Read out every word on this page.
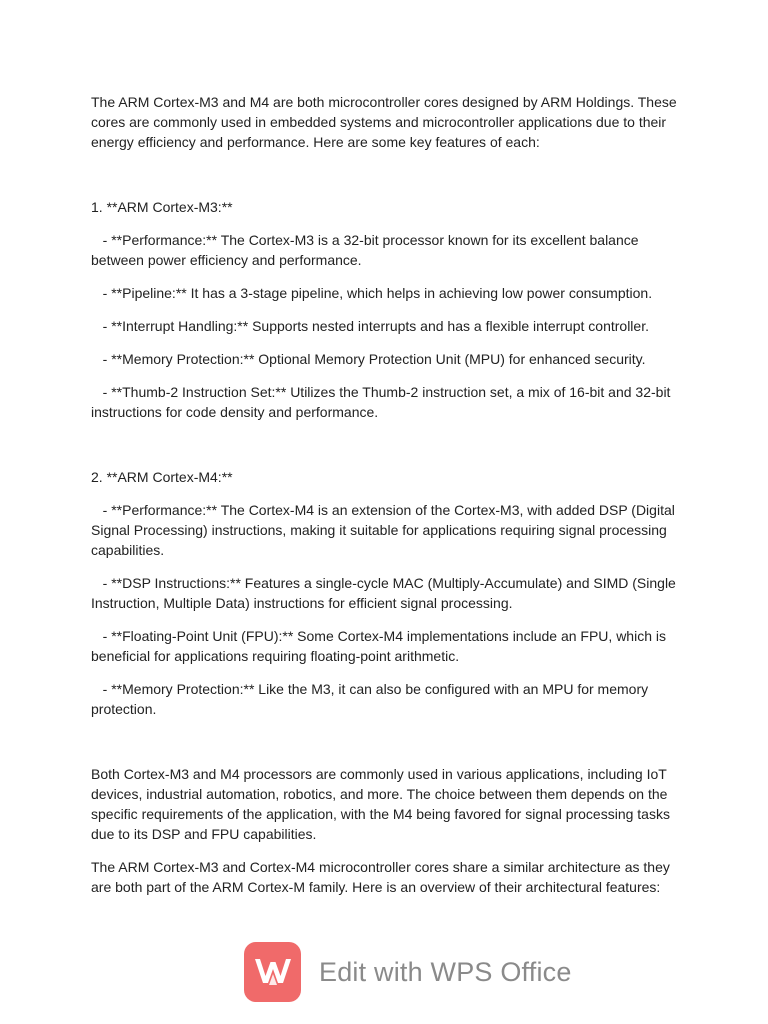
The ARM Cortex-M3 and M4 are both microcontroller cores designed by ARM Holdings. These cores are commonly used in embedded systems and microcontroller applications due to their energy efficiency and performance. Here are some key features of each:

1. **ARM Cortex-M3:**

- **Performance:** The Cortex-M3 is a 32-bit processor known for its excellent balance between power efficiency and performance.

- **Pipeline:** It has a 3-stage pipeline, which helps in achieving low power consumption.

- **Interrupt Handling:** Supports nested interrupts and has a flexible interrupt controller.

- **Memory Protection:** Optional Memory Protection Unit (MPU) for enhanced security.

- **Thumb-2 Instruction Set:** Utilizes the Thumb-2 instruction set, a mix of 16-bit and 32-bit instructions for code density and performance.

2. **ARM Cortex-M4:**

- **Performance:** The Cortex-M4 is an extension of the Cortex-M3, with added DSP (Digital Signal Processing) instructions, making it suitable for applications requiring signal processing capabilities.

- **DSP Instructions:** Features a single-cycle MAC (Multiply-Accumulate) and SIMD (Single Instruction, Multiple Data) instructions for efficient signal processing.

- **Floating-Point Unit (FPU):** Some Cortex-M4 implementations include an FPU, which is beneficial for applications requiring floating-point arithmetic.

- **Memory Protection:** Like the M3, it can also be configured with an MPU for memory protection.

Both Cortex-M3 and M4 processors are commonly used in various applications, including IoT devices, industrial automation, robotics, and more. The choice between them depends on the specific requirements of the application, with the M4 being favored for signal processing tasks due to its DSP and FPU capabilities.

The ARM Cortex-M3 and Cortex-M4 microcontroller cores share a similar architecture as they are both part of the ARM Cortex-M family. Here is an overview of their architectural features:

Edit with WPS Office
